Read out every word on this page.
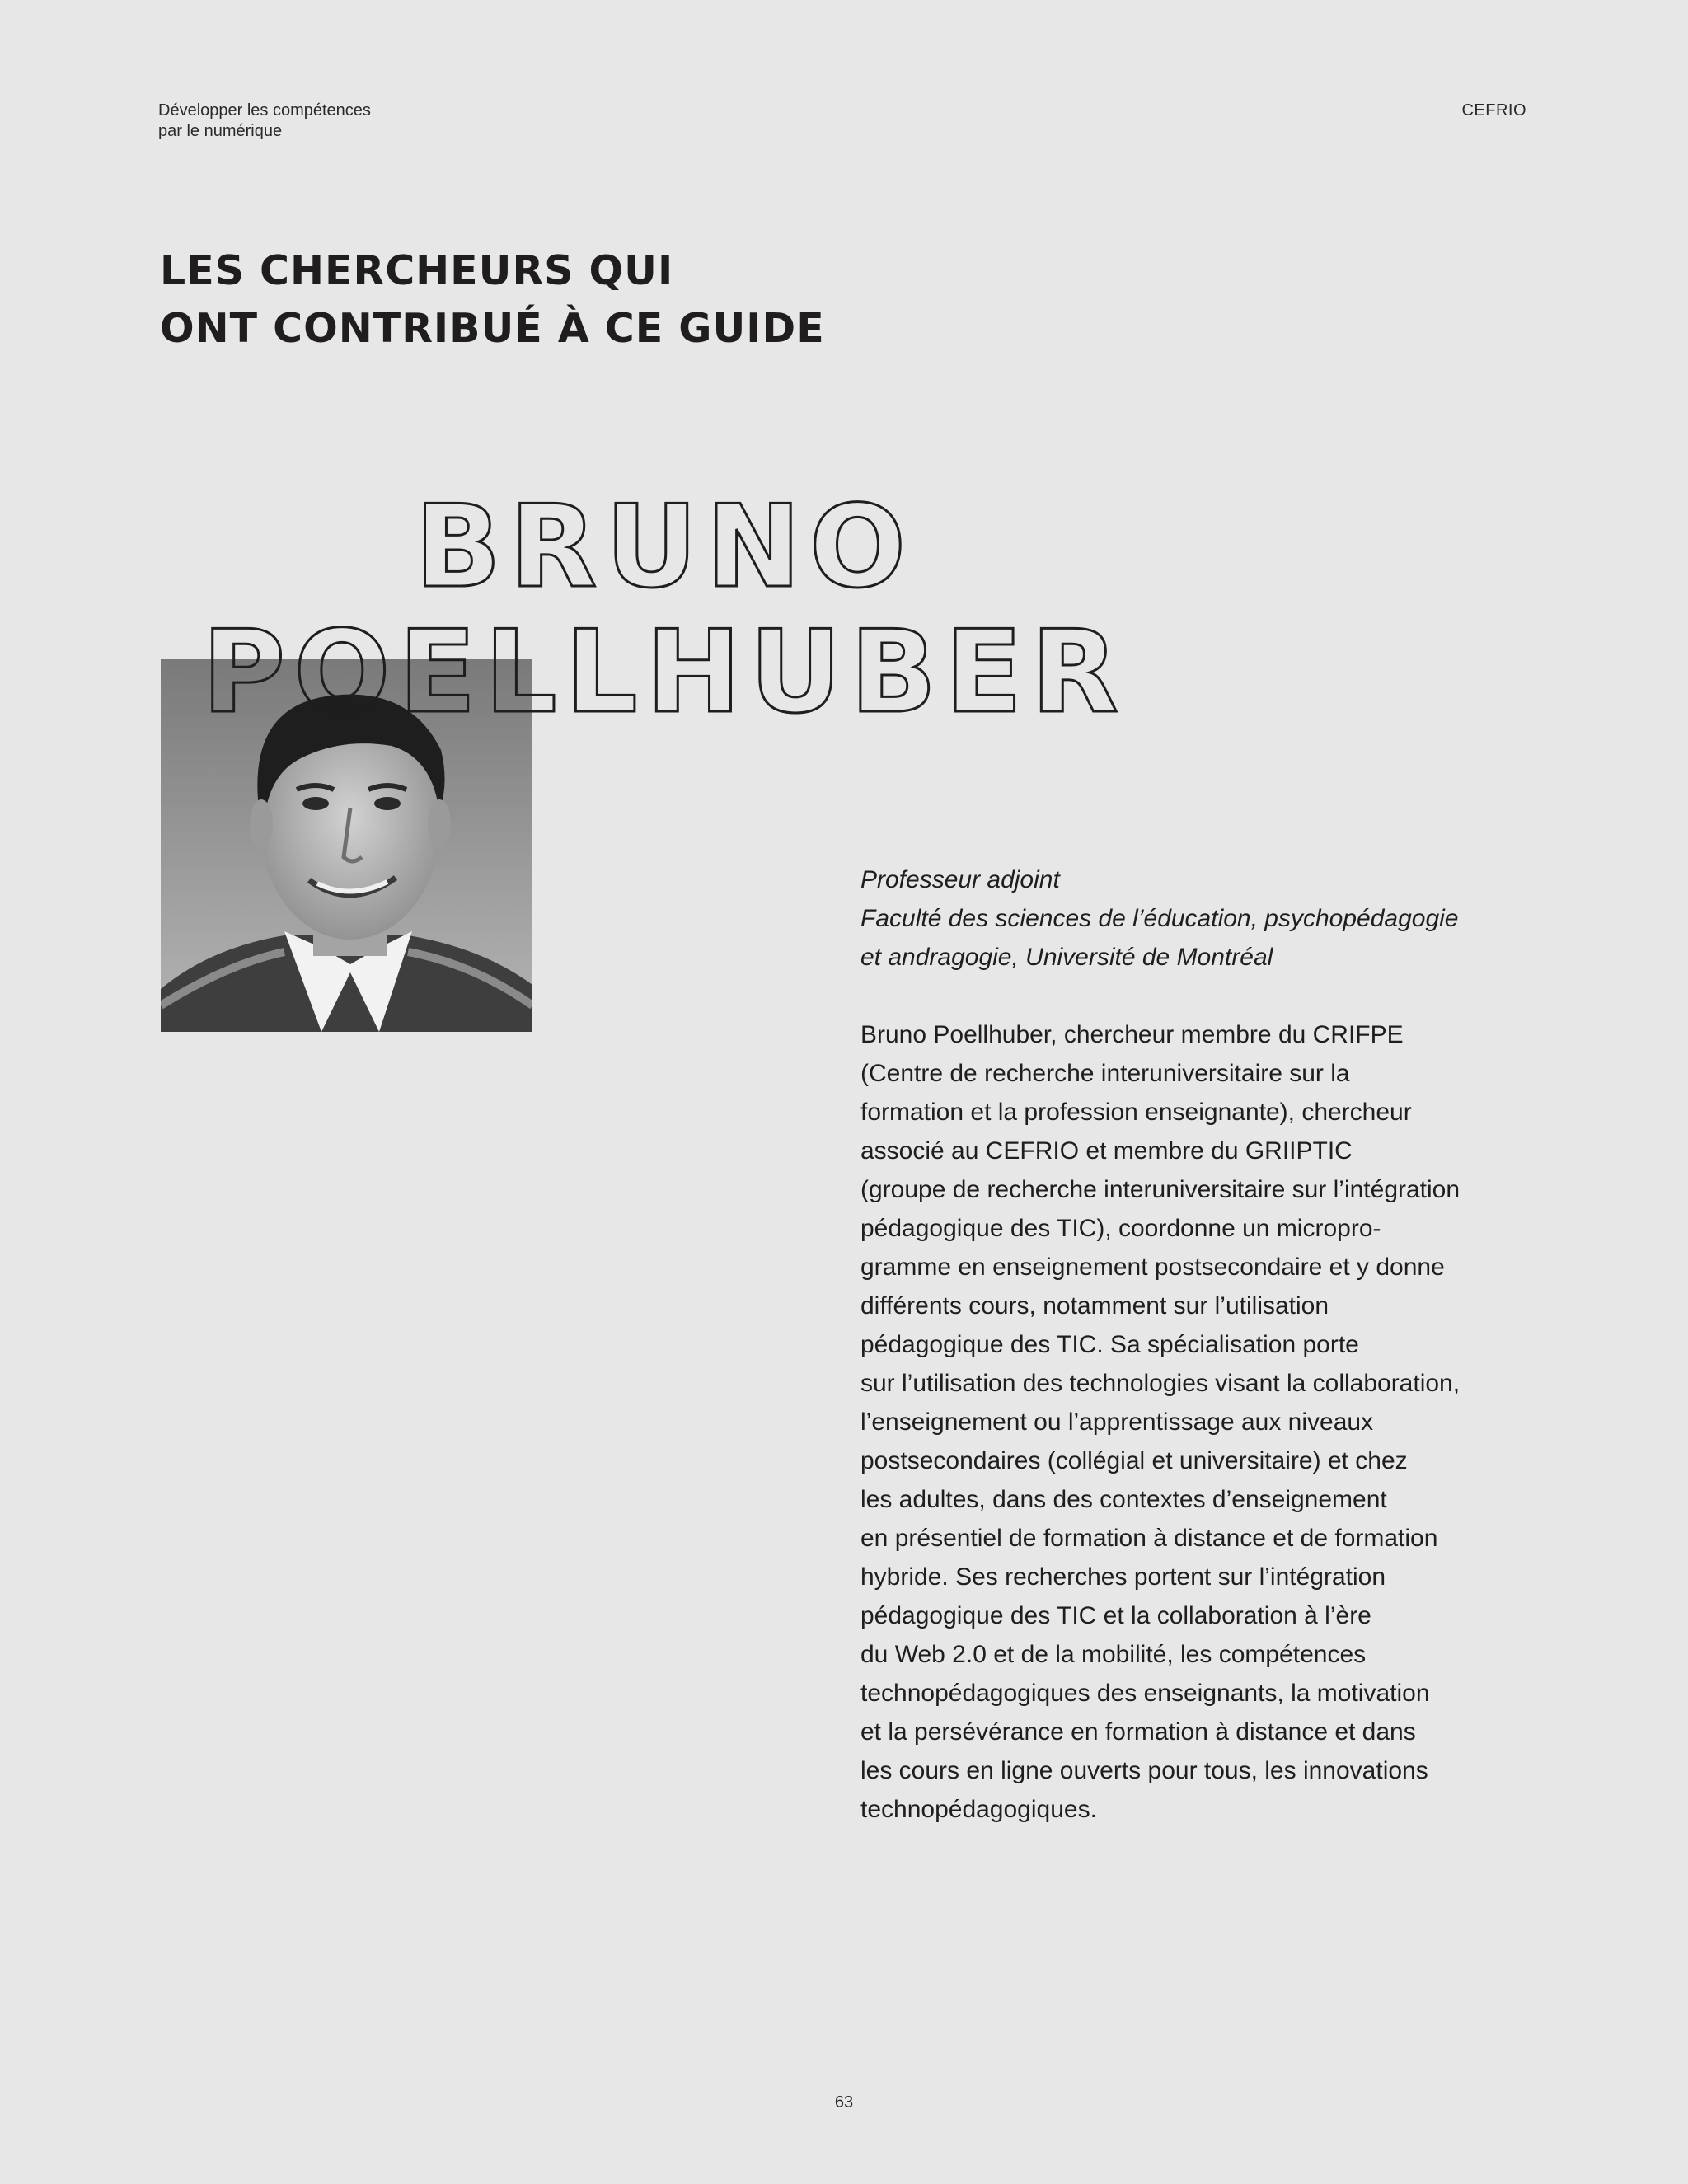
Développer les compétences
par le numérique
CEFRIO
LES CHERCHEURS QUI
ONT CONTRIBUÉ À CE GUIDE
BRUNO
POELLHUBER
Professeur adjoint
Faculté des sciences de l’éducation, psychopédagogie
et andragogie, Université de Montréal
Bruno Poellhuber, chercheur membre du CRIFPE
(Centre de recherche interuniversitaire sur la
formation et la profession enseignante), chercheur
associé au CEFRIO et membre du GRIIPTIC
(groupe de recherche interuniversitaire sur l’intégration
pédagogique des TIC), coordonne un micropro-
gramme en enseignement postsecondaire et y donne
différents cours, notamment sur l’utilisation
pédagogique des TIC. Sa spécialisation porte
sur l’utilisation des technologies visant la collaboration,
l’enseignement ou l’apprentissage aux niveaux
postsecondaires (collégial et universitaire) et chez
les adultes, dans des contextes d’enseignement
en présentiel de formation à distance et de formation
hybride. Ses recherches portent sur l’intégration
pédagogique des TIC et la collaboration à l’ère
du Web 2.0 et de la mobilité, les compétences
technopédagogiques des enseignants, la motivation
et la persévérance en formation à distance et dans
les cours en ligne ouverts pour tous, les innovations
technopédagogiques.
63
